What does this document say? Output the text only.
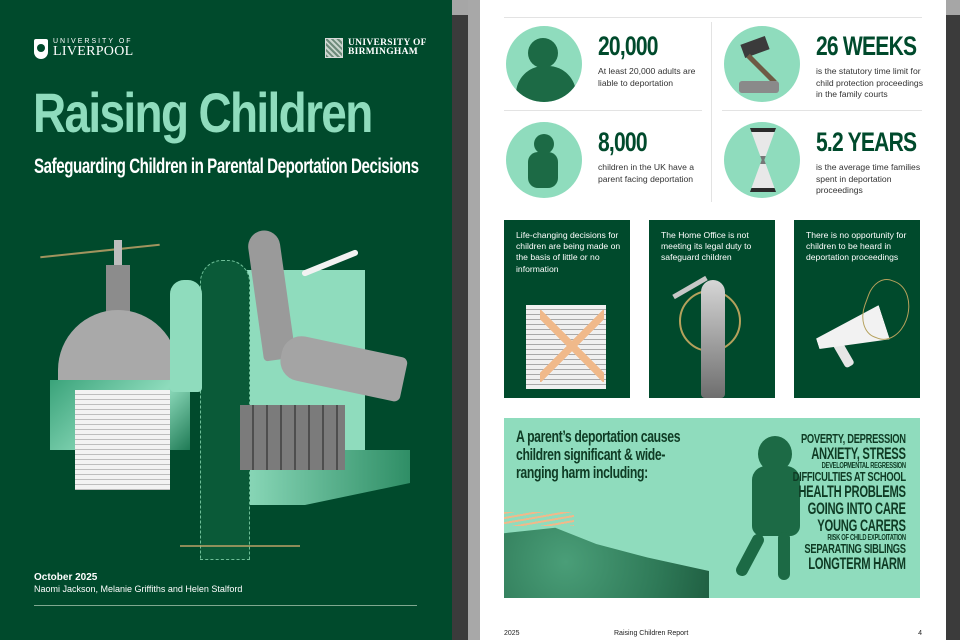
UNIVERSITY OF
LIVERPOOL
UNIVERSITY OF
BIRMINGHAM
Raising Children
Safeguarding Children in Parental Deportation Decisions
October 2025
Naomi Jackson, Melanie Griffiths and Helen Stalford
20,000
At least 20,000 adults are liable to deportation
8,000
children in the UK have a parent facing deportation
26 WEEKS
is the statutory time limit for child protection proceedings in the family courts
5.2 YEARS
is the average time families spent in deportation proceedings
Life-changing decisions for children are being made on the basis of little or no information
The Home Office is not meeting its legal duty to safeguard children
There is no opportunity for children to be heard in deportation proceedings
A parent’s deportation causes children significant & wide-ranging harm including:
POVERTY, DEPRESSION
ANXIETY, STRESS
DEVELOPMENTAL REGRESSION
DIFFICULTIES AT SCHOOL
HEALTH PROBLEMS
GOING INTO CARE
YOUNG CARERS
RISK OF CHILD EXPLOITATION
SEPARATING SIBLINGS
LONGTERM HARM
2025	Raising Children Report	4
